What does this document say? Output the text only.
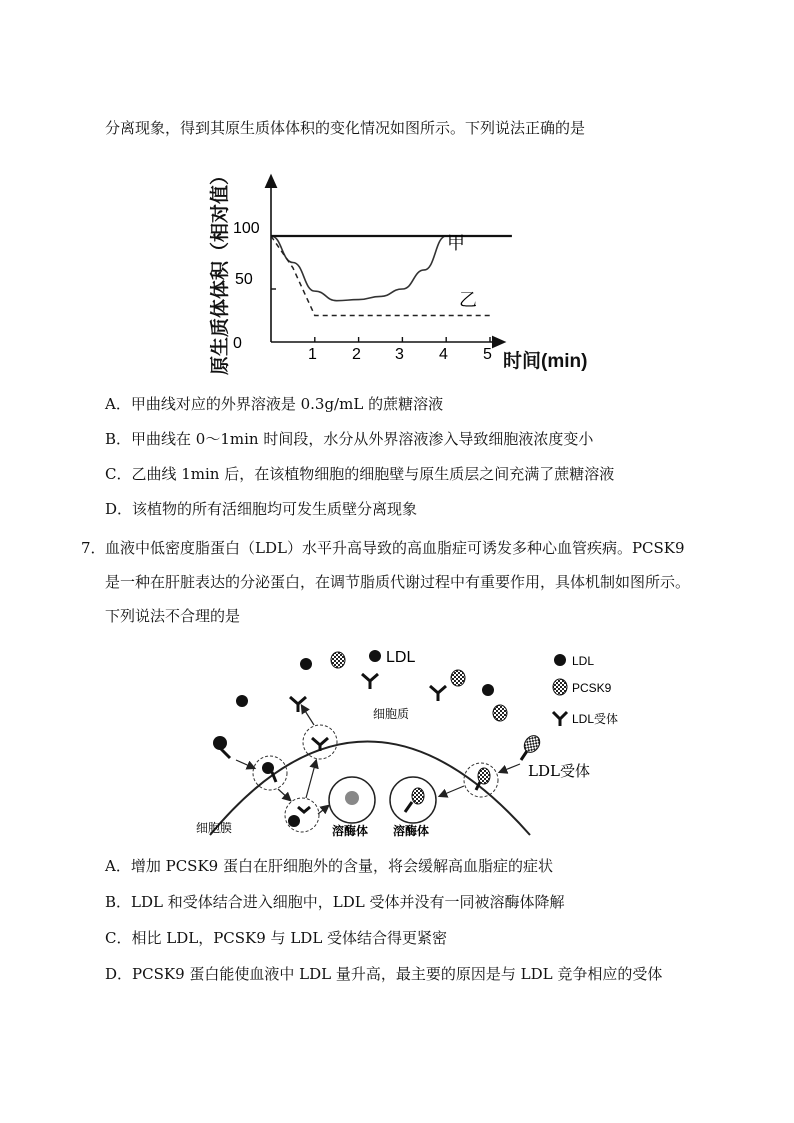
分离现象，得到其原生质体体积的变化情况如图所示。下列说法正确的是
原生质体体积（相对值）	时间(min)
0
50
100
1 2 3 4 5
甲
乙
A．甲曲线对应的外界溶液是 0.3g/mL 的蔗糖溶液
B．甲曲线在 0～1min 时间段，水分从外界溶液渗入导致细胞液浓度变小
C．乙曲线 1min 后，在该植物细胞的细胞壁与原生质层之间充满了蔗糖溶液
D．该植物的所有活细胞均可发生质壁分离现象
7． 血液中低密度脂蛋白（LDL）水平升高导致的高血脂症可诱发多种心血管疾病。PCSK9
是一种在肝脏表达的分泌蛋白，在调节脂质代谢过程中有重要作用，具体机制如图所示。
下列说法不合理的是
LDL
细胞质
溶酶体 溶酶体
LDL受体
细胞膜
LDL
PCSK9
LDL受体
A．增加 PCSK9 蛋白在肝细胞外的含量，将会缓解高血脂症的症状
B．LDL 和受体结合进入细胞中，LDL 受体并没有一同被溶酶体降解
C．相比 LDL，PCSK9 与 LDL 受体结合得更紧密
D．PCSK9 蛋白能使血液中 LDL 量升高，最主要的原因是与 LDL 竞争相应的受体
